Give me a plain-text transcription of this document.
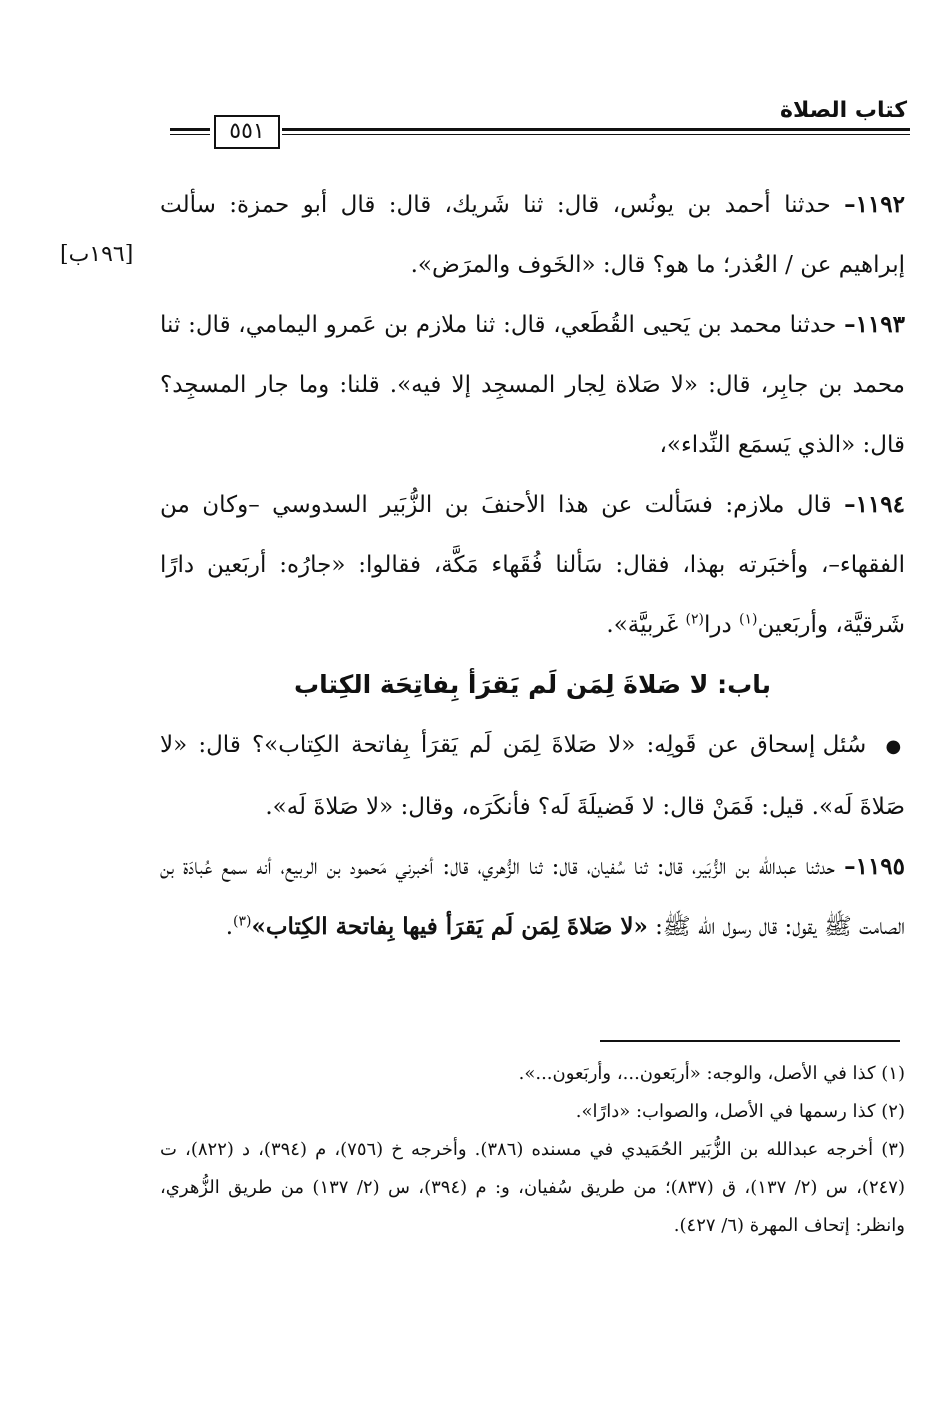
كتاب الصلاة
٥٥١
[١٩٦ب]

١١٩٢– حدثنا أحمد بن يونُس، قال: ثنا شَريك، قال: قال أبو حمزة: سألت إبراهيم عن / العُذر؛ ما هو؟ قال: «الخَوف والمرَض».

١١٩٣– حدثنا محمد بن يَحيى القُطَعي، قال: ثنا ملازم بن عَمرو اليمامي، قال: ثنا محمد بن جابِر، قال: «لا صَلاة لِجار المسجِد إلا فيه». قلنا: وما جار المسجِد؟ قال: «الذي يَسمَع النِّداء»،

١١٩٤– قال ملازم: فسَألت عن هذا الأحنفَ بن الزُّبَير السدوسي –وكان من الفقهاء–، وأخبَرته بهذا، فقال: سَألنا فُقَهاء مَكَّة، فقالوا: «جارُه: أربَعين دارًا شَرقيَّة، وأربَعين$^{(١)}$ درا$^{(٢)}$ غَربيَّة».

باب: لا صَلاةَ لِمَن لَم يَقرَأ بِفاتِحَة الكِتاب

● سُئل إسحاق عن قَولِه: «لا صَلاةَ لِمَن لَم يَقرَأ بِفاتحة الكِتاب»؟ قال: «لا صَلاةَ لَه». قيل: فَمَنْ قال: لا فَضيلَةَ لَه؟ فأنكَرَه، وقال: «لا صَلاةَ لَه».

١١٩٥– حدثنا عبدالله بن الزُّبَير، قال: ثنا سُفيان، قال: ثنا الزُّهري، قال: أخبرني مَحمود بن الربيع، أنه سمع عُبادَة بن الصامت ﷺ يقول: قال رسول الله ﷺ: «لا صَلاةَ لِمَن لَم يَقرَأ فيها بِفاتحة الكِتاب»$^{(٣)}$.

(١) كذا في الأصل، والوجه: «أربَعون...، وأربَعون...».

(٢) كذا رسمها في الأصل، والصواب: «دارًا».

(٣) أخرجه عبدالله بن الزُّبَير الحُمَيدي في مسنده (٣٨٦). وأخرجه خ (٧٥٦)، م (٣٩٤)، د (٨٢٢)، ت (٢٤٧)، س (٢/ ١٣٧)، ق (٨٣٧)؛ من طريق سُفيان، و: م (٣٩٤)، س (٢/ ١٣٧) من طريق الزُّهري، وانظر: إتحاف المهرة (٦/ ٤٢٧).
